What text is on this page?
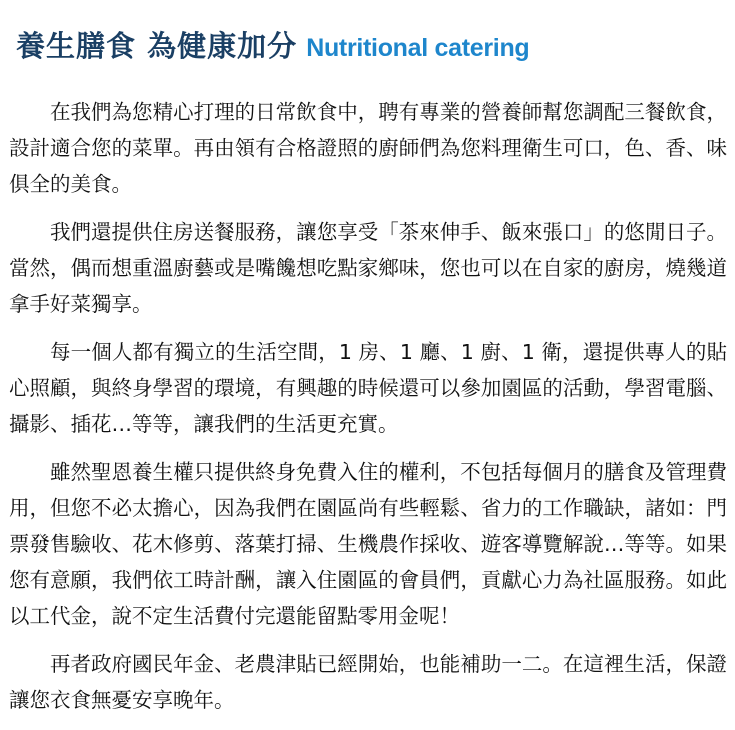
養生膳食 為健康加分 Nutritional catering

在我們為您精心打理的日常飲食中，聘有專業的營養師幫您調配三餐飲食，設計適合您的菜單。再由領有合格證照的廚師們為您料理衛生可口，色、香、味俱全的美食。

我們還提供住房送餐服務，讓您享受「茶來伸手、飯來張口」的悠閒日子。當然，偶而想重溫廚藝或是嘴饞想吃點家鄉味，您也可以在自家的廚房，燒幾道拿手好菜獨享。

每一個人都有獨立的生活空間，1 房、1 廳、1 廚、1 衛，還提供專人的貼心照顧，與終身學習的環境，有興趣的時候還可以參加園區的活動，學習電腦、攝影、插花…等等，讓我們的生活更充實。

雖然聖恩養生權只提供終身免費入住的權利，不包括每個月的膳食及管理費用，但您不必太擔心，因為我們在園區尚有些輕鬆、省力的工作職缺，諸如：門票發售驗收、花木修剪、落葉打掃、生機農作採收、遊客導覽解說…等等。如果您有意願，我們依工時計酬，讓入住園區的會員們，貢獻心力為社區服務。如此以工代金，說不定生活費付完還能留點零用金呢！

再者政府國民年金、老農津貼已經開始，也能補助一二。在這裡生活，保證讓您衣食無憂安享晚年。
